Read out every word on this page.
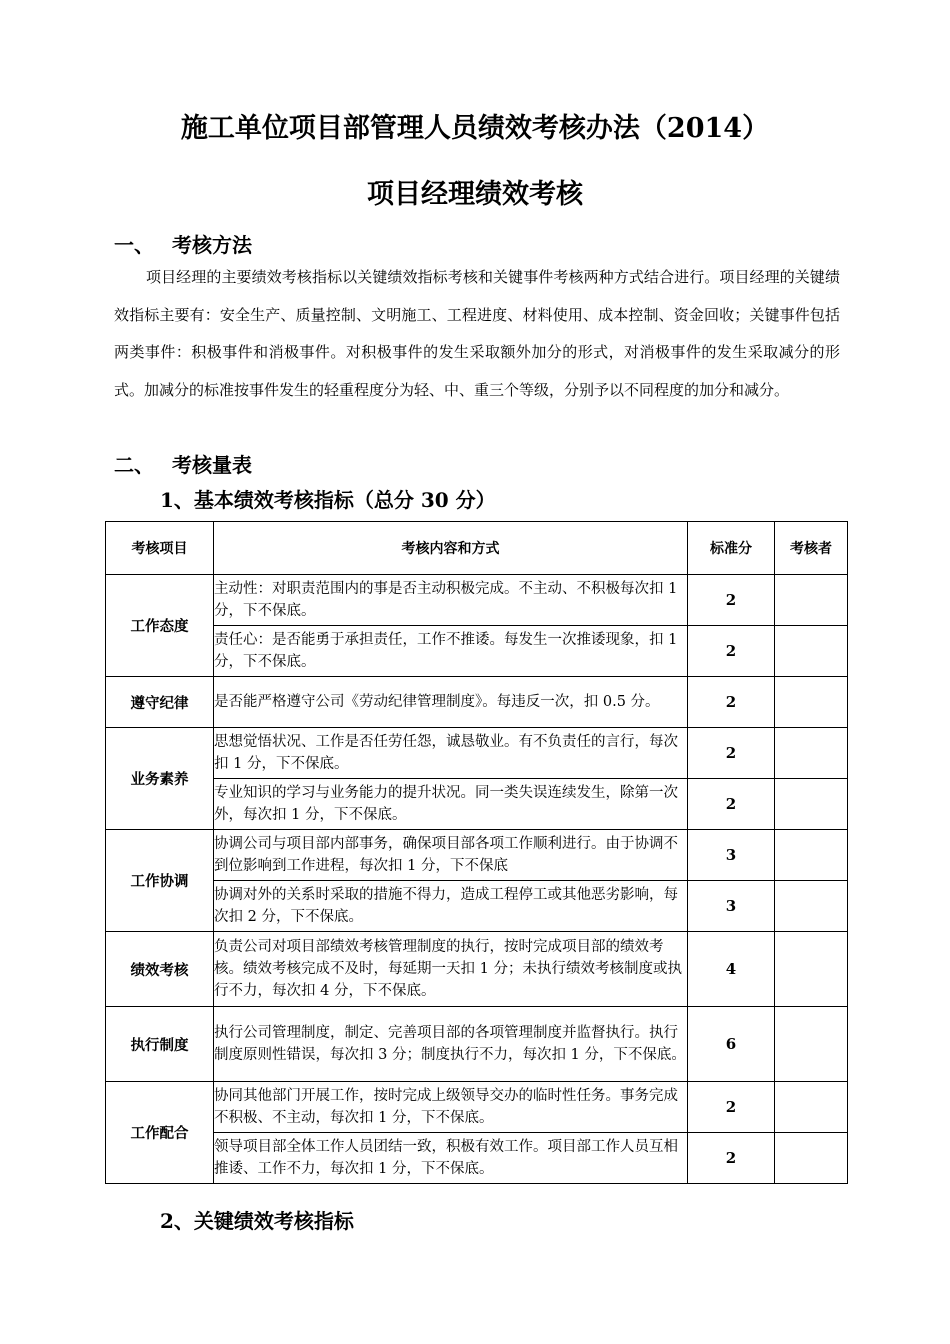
施工单位项目部管理人员绩效考核办法（2014）
项目经理绩效考核
一、 考核方法
项目经理的主要绩效考核指标以关键绩效指标考核和关键事件考核两种方式结合进行。项目经理的关键绩效指标主要有：安全生产、质量控制、文明施工、工程进度、材料使用、成本控制、资金回收；关键事件包括两类事件：积极事件和消极事件。对积极事件的发生采取额外加分的形式，对消极事件的发生采取减分的形式。加减分的标准按事件发生的轻重程度分为轻、中、重三个等级，分别予以不同程度的加分和减分。
二、 考核量表
1、基本绩效考核指标（总分 30 分）
考核项目	考核内容和方式	标准分	考核者
工作态度	主动性：对职责范围内的事是否主动积极完成。不主动、不积极每次扣 1 分，下不保底。	2	
	责任心：是否能勇于承担责任，工作不推诿。每发生一次推诿现象，扣 1 分，下不保底。	2	
遵守纪律	是否能严格遵守公司《劳动纪律管理制度》。每违反一次，扣 0.5 分。	2	
业务素养	思想觉悟状况、工作是否任劳任怨，诚恳敬业。有不负责任的言行，每次扣 1 分，下不保底。	2	
	专业知识的学习与业务能力的提升状况。同一类失误连续发生，除第一次外，每次扣 1 分，下不保底。	2	
工作协调	协调公司与项目部内部事务，确保项目部各项工作顺利进行。由于协调不到位影响到工作进程，每次扣 1 分，下不保底	3	
	协调对外的关系时采取的措施不得力，造成工程停工或其他恶劣影响，每次扣 2 分，下不保底。	3	
绩效考核	负责公司对项目部绩效考核管理制度的执行，按时完成项目部的绩效考核。绩效考核完成不及时，每延期一天扣 1 分；未执行绩效考核制度或执行不力，每次扣 4 分，下不保底。	4	
执行制度	执行公司管理制度，制定、完善项目部的各项管理制度并监督执行。执行制度原则性错误，每次扣 3 分；制度执行不力，每次扣 1 分，下不保底。	6	
工作配合	协同其他部门开展工作，按时完成上级领导交办的临时性任务。事务完成不积极、不主动，每次扣 1 分，下不保底。	2	
	领导项目部全体工作人员团结一致，积极有效工作。项目部工作人员互相推诿、工作不力，每次扣 1 分，下不保底。	2	
2、关键绩效考核指标
